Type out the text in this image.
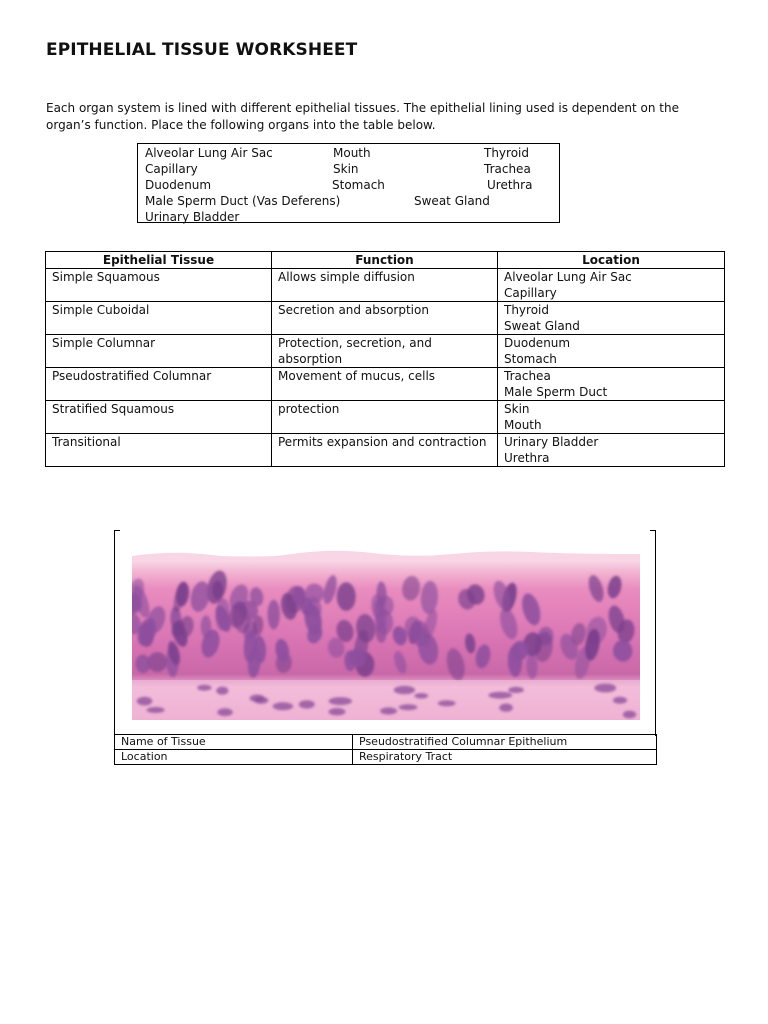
EPITHELIAL TISSUE WORKSHEET

Each organ system is lined with different epithelial tissues. The epithelial lining used is dependent on the

organ’s function. Place the following organs into the table below.

Alveolar Lung Air Sac	Mouth	Thyroid
Capillary	Skin	Trachea
Duodenum	Stomach	Urethra
Male Sperm Duct (Vas Deferens)	Sweat Gland
Urinary Bladder
Epithelial Tissue	Function	Location

Simple Squamous	Allows simple diffusion	Alveolar Lung Air Sac
Capillary

Simple Cuboidal	Secretion and absorption	Thyroid
Sweat Gland

Simple Columnar	Protection, secretion, and
absorption	Duodenum
Stomach

Pseudostratified Columnar	Movement of mucus, cells	Trachea
Male Sperm Duct

Stratified Squamous	protection	Skin
Mouth

Transitional	Permits expansion and contraction	Urinary Bladder
Urethra
Name of Tissue	Pseudostratified Columnar Epithelium
Location	Respiratory Tract
